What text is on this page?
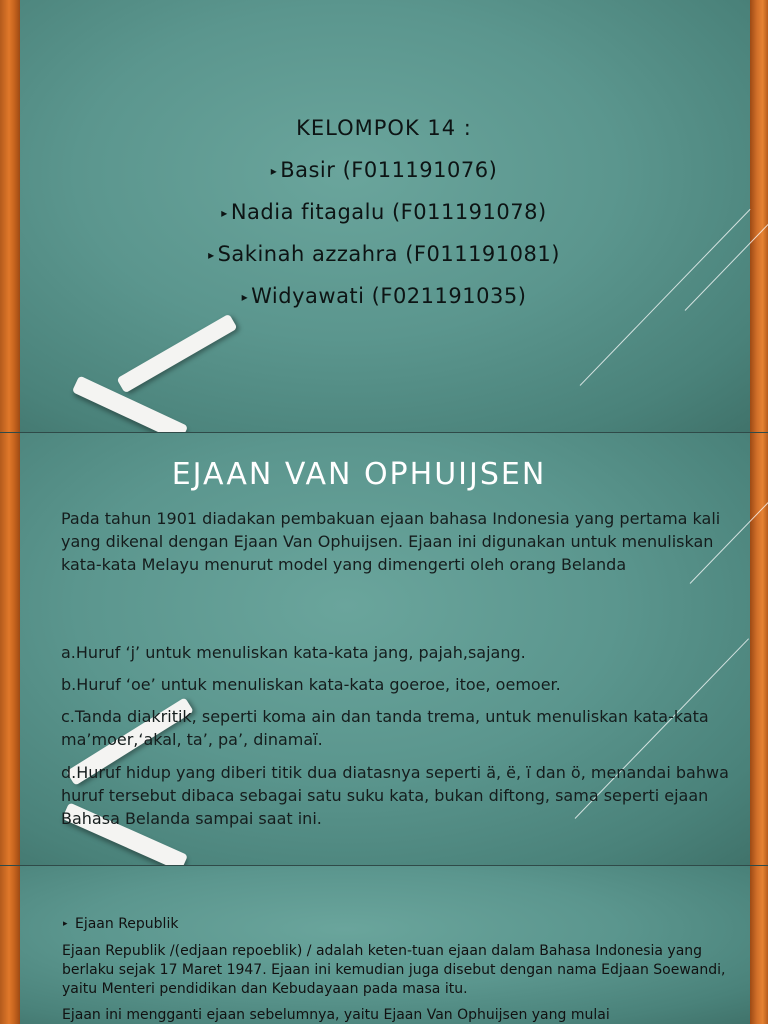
KELOMPOK 14 :
▸ Basir (F011191076)
▸ Nadia fitagalu (F011191078)
▸ Sakinah azzahra (F011191081)
▸ Widyawati (F021191035)
EJAAN VAN OPHUIJSEN
Pada tahun 1901 diadakan pembakuan ejaan bahasa Indonesia yang pertama kali yang dikenal dengan Ejaan Van Ophuijsen. Ejaan ini digunakan untuk menuliskan kata-kata Melayu menurut model yang dimengerti oleh orang Belanda
a.Huruf ‘j’ untuk menuliskan kata-kata jang, pajah,sajang.
b.Huruf ‘oe’ untuk menuliskan kata-kata goeroe, itoe, oemoer.
c.Tanda diakritik, seperti koma ain dan tanda trema, untuk menuliskan kata-kata ma’moer,‘akal, ta’, pa’, dinamaï.
d.Huruf hidup yang diberi titik dua diatasnya seperti ä, ë, ï dan ö, menandai bahwa huruf tersebut dibaca sebagai satu suku kata, bukan diftong, sama seperti ejaan Bahasa Belanda sampai saat ini.
▸ Ejaan Republik
Ejaan Republik /(edjaan repoeblik) / adalah keten-tuan ejaan dalam Bahasa Indonesia yang berlaku sejak 17 Maret 1947. Ejaan ini kemudian juga disebut dengan nama Edjaan Soewandi, yaitu Menteri pendidikan dan Kebudayaan pada masa itu.
Ejaan ini mengganti ejaan sebelumnya, yaitu Ejaan Van Ophuijsen yang mulai
